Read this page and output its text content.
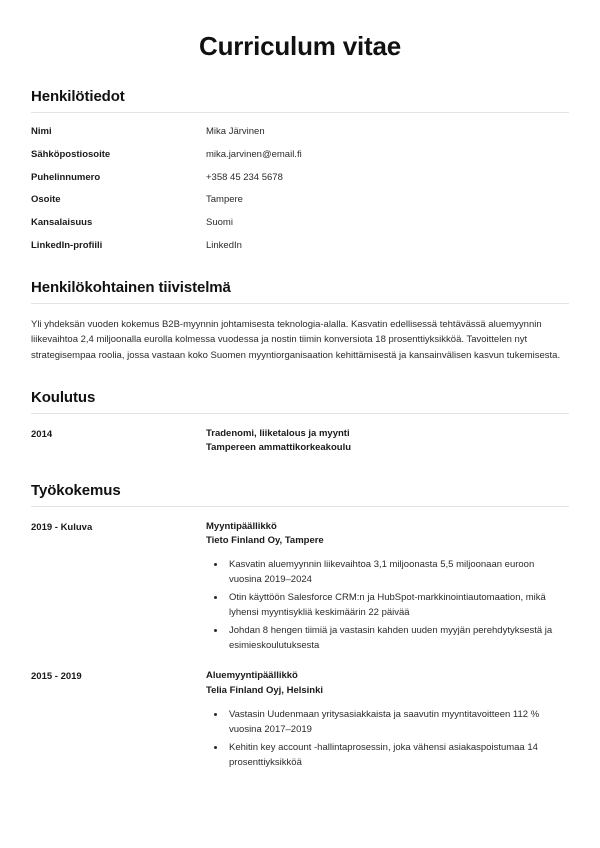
Curriculum vitae
Henkilötiedot
Nimi	Mika Järvinen
Sähköpostiosoite	mika.jarvinen@email.fi
Puhelinnumero	+358 45 234 5678
Osoite	Tampere
Kansalaisuus	Suomi
LinkedIn-profiili	LinkedIn
Henkilökohtainen tiivistelmä

Yli yhdeksän vuoden kokemus B2B-myynnin johtamisesta teknologia-alalla. Kasvatin edellisessä tehtävässä aluemyynnin liikevaihtoa 2,4 miljoonalla eurolla kolmessa vuodessa ja nostin tiimin konversiota 18 prosenttiyksikköä. Tavoittelen nyt strategisempaa roolia, jossa vastaan koko Suomen myyntiorganisaation kehittämisestä ja kansainvälisen kasvun tukemisesta.

Koulutus
2014	Tradenomi, liiketalous ja myynti
Tampereen ammattikorkeakoulu
Työkokemus
2019 - Kuluva	Myyntipäällikkö
Tieto Finland Oy, Tampere
• Kasvatin aluemyynnin liikevaihtoa 3,1 miljoonasta 5,5 miljoonaan euroon vuosina 2019–2024
• Otin käyttöön Salesforce CRM:n ja HubSpot-markkinointiautomaation, mikä lyhensi myyntisykliä keskimäärin 22 päivää
• Johdan 8 hengen tiimiä ja vastasin kahden uuden myyjän perehdytyksestä ja esimieskoulutuksesta
2015 - 2019	Aluemyyntipäällikkö
Telia Finland Oyj, Helsinki
• Vastasin Uudenmaan yritysasiakkaista ja saavutin myyntitavoitteen 112 % vuosina 2017–2019
• Kehitin key account -hallintaprosessin, joka vähensi asiakaspoistumaa 14 prosenttiyksikköä
